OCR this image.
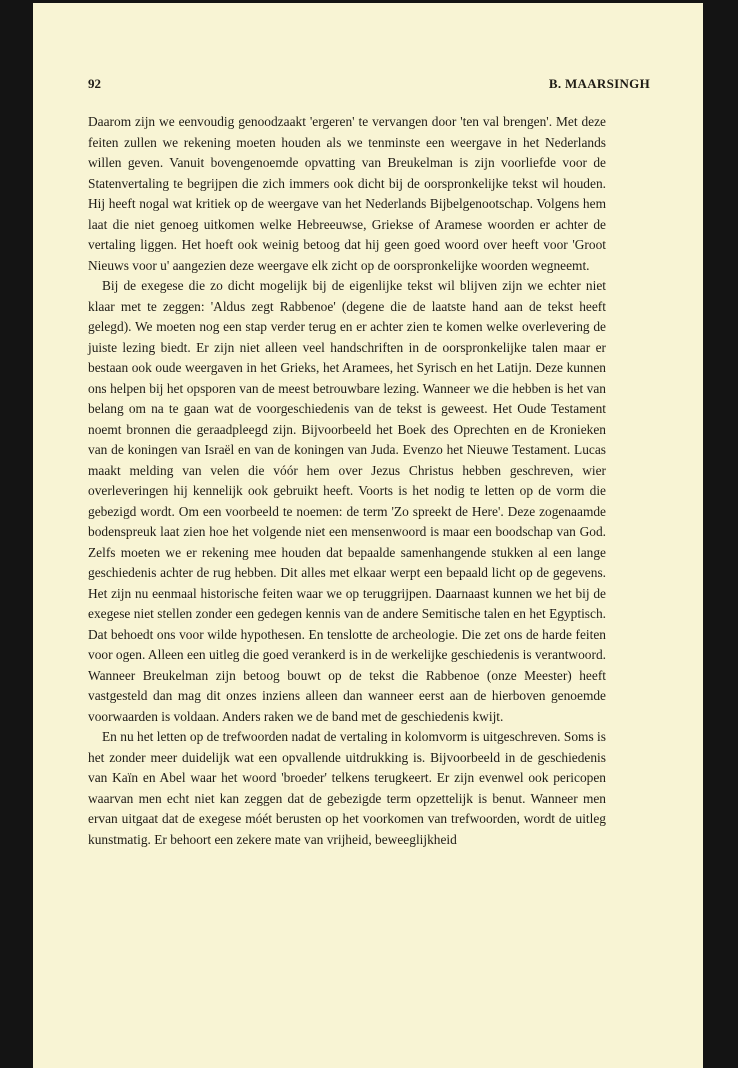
92	B. MAARSINGH

Daarom zijn we eenvoudig genoodzaakt 'ergeren' te vervangen door 'ten val brengen'. Met deze feiten zullen we rekening moeten houden als we tenminste een weergave in het Nederlands willen geven. Vanuit bovengenoemde opvatting van Breukelman is zijn voorliefde voor de Statenvertaling te begrijpen die zich immers ook dicht bij de oorspronkelijke tekst wil houden. Hij heeft nogal wat kritiek op de weergave van het Nederlands Bijbelgenootschap. Volgens hem laat die niet genoeg uitkomen welke Hebreeuwse, Griekse of Aramese woorden er achter de vertaling liggen. Het hoeft ook weinig betoog dat hij geen goed woord over heeft voor 'Groot Nieuws voor u' aangezien deze weergave elk zicht op de oorspronkelijke woorden wegneemt.

Bij de exegese die zo dicht mogelijk bij de eigenlijke tekst wil blijven zijn we echter niet klaar met te zeggen: 'Aldus zegt Rabbenoe' (degene die de laatste hand aan de tekst heeft gelegd). We moeten nog een stap verder terug en er achter zien te komen welke overlevering de juiste lezing biedt. Er zijn niet alleen veel handschriften in de oorspronkelijke talen maar er bestaan ook oude weergaven in het Grieks, het Aramees, het Syrisch en het Latijn. Deze kunnen ons helpen bij het opsporen van de meest betrouwbare lezing. Wanneer we die hebben is het van belang om na te gaan wat de voorgeschiedenis van de tekst is geweest. Het Oude Testament noemt bronnen die geraadpleegd zijn. Bijvoorbeeld het Boek des Oprechten en de Kronieken van de koningen van Israël en van de koningen van Juda. Evenzo het Nieuwe Testament. Lucas maakt melding van velen die vóór hem over Jezus Christus hebben geschreven, wier overleveringen hij kennelijk ook gebruikt heeft. Voorts is het nodig te letten op de vorm die gebezigd wordt. Om een voorbeeld te noemen: de term 'Zo spreekt de Here'. Deze zogenaamde bodenspreuk laat zien hoe het volgende niet een mensenwoord is maar een boodschap van God. Zelfs moeten we er rekening mee houden dat bepaalde samenhangende stukken al een lange geschiedenis achter de rug hebben. Dit alles met elkaar werpt een bepaald licht op de gegevens. Het zijn nu eenmaal historische feiten waar we op teruggrijpen. Daarnaast kunnen we het bij de exegese niet stellen zonder een gedegen kennis van de andere Semitische talen en het Egyptisch. Dat behoedt ons voor wilde hypothesen. En tenslotte de archeologie. Die zet ons de harde feiten voor ogen. Alleen een uitleg die goed verankerd is in de werkelijke geschiedenis is verantwoord. Wanneer Breukelman zijn betoog bouwt op de tekst die Rabbenoe (onze Meester) heeft vastgesteld dan mag dit onzes inziens alleen dan wanneer eerst aan de hierboven genoemde voorwaarden is voldaan. Anders raken we de band met de geschiedenis kwijt.

En nu het letten op de trefwoorden nadat de vertaling in kolomvorm is uitgeschreven. Soms is het zonder meer duidelijk wat een opvallende uitdrukking is. Bijvoorbeeld in de geschiedenis van Kaïn en Abel waar het woord 'broeder' telkens terugkeert. Er zijn evenwel ook pericopen waarvan men echt niet kan zeggen dat de gebezigde term opzettelijk is benut. Wanneer men ervan uitgaat dat de exegese móét berusten op het voorkomen van trefwoorden, wordt de uitleg kunstmatig. Er behoort een zekere mate van vrijheid, beweeglijkheid
